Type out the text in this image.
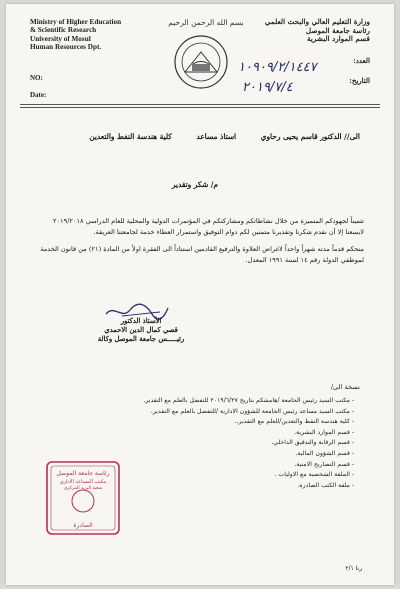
Ministry of Higher Education
& Scientific Research
University of Mosul
Human Resources Dpt.
NO:
Date:
بسم الله الرحمن الرحيم	وزارة التعليم العالي والبحث العلمي
رئاسة جامعة الموصل
قسم الموارد البشرية
العدد:
التاريخ:
١٠٩٠٩/٢/١٤٤٧
٢٠١٩/٧/٤
الى// الدكتور قاسم يحيى رحاوي استاذ مساعد كلية هندسة النفط والتعدين
م/ شكر وتقدير
تثميناً لجهودكم المتميزة من خلال نشاطاتكم ومشاركتكم في المؤتمرات الدولية والمحلية للعام الدراسي ٢٠١٩/٢٠١٨ لايسعنا إلا أن نقدم شكرنا وتقديرنا متمنين لكم دوام التوفيق واستمرار العطاء خدمة لجامعتنا العريقة.
منحكم قدماً مدته شهراً واحداً لاغراض العلاوة والترفيع القادمين استناداً الى الفقرة اولاً من المادة (٢١) من قانون الخدمة لموظفي الدولة رقم ١٤ لسنة ١٩٩١ المعدل.
الأستاذ الدكتور
قصي كمال الدين الاحمدي
رئيـــــس جامعة الموصل وكالة
نسخة الى/
- مكتب السيد رئيس الجامعة /هامشكم بتاريخ ٢٠١٩/٦/٢٧ للتفضل بالعلم مع التقدير.
- مكتب السيد مساعد رئيس الجامعة للشؤون الادارية /للتفضل بالعلم مع التقدير.
- كلية هندسة النفط والتعدين/للعلم مع التقدير..
- قسم الموارد البشرية.
- قسم الرقابة والتدقيق الداخلي.
- قسم الشؤون المالية.
- قسم التصاريح الامنية.
- الملفة الشخصية مع الاوليات .
- ملفة الكتب الصادرة.
رئاسة جامعة الموصل
مكتب المساعد الاداري
شعبة البريد المركزي
الصادرة
رنا ٢/١
